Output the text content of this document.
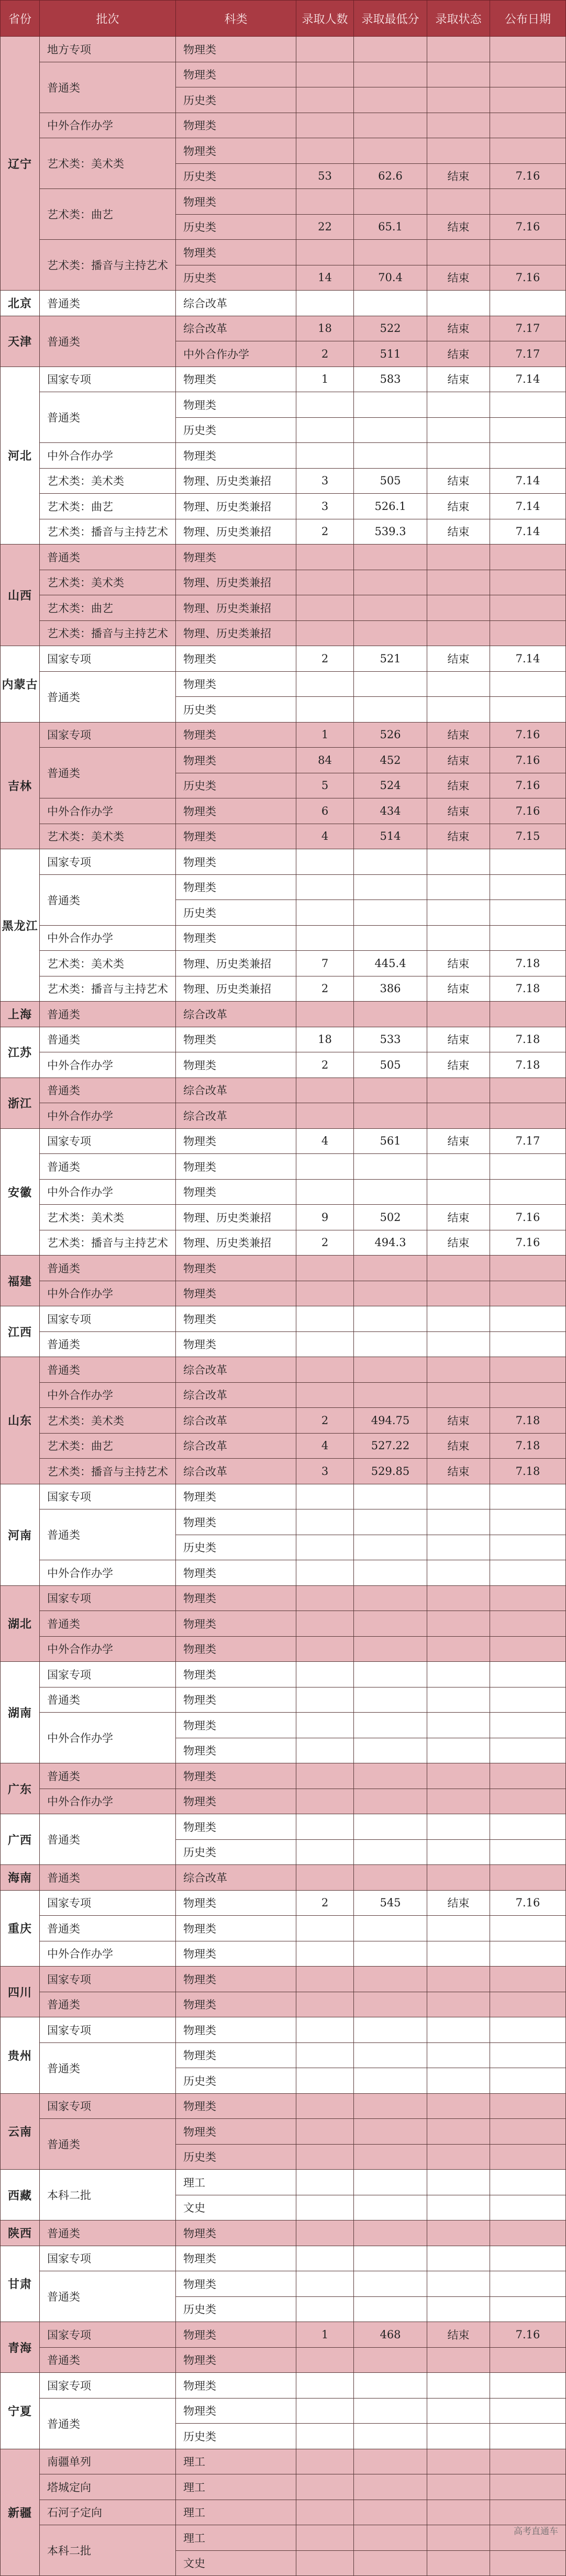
省份	批次	科类	录取人数	录取最低分	录取状态	公布日期
辽宁	地方专项	物理类				
	普通类	物理类				
		历史类				
	中外合作办学	物理类				
	艺术类：美术类	物理类				
		历史类	53	62.6	结束	7.16
	艺术类：曲艺	物理类				
		历史类	22	65.1	结束	7.16
	艺术类：播音与主持艺术	物理类				
		历史类	14	70.4	结束	7.16
北京	普通类	综合改革				
天津	普通类	综合改革	18	522	结束	7.17
		中外合作办学	2	511	结束	7.17
河北	国家专项	物理类	1	583	结束	7.14
	普通类	物理类				
		历史类				
	中外合作办学	物理类				
	艺术类：美术类	物理、历史类兼招	3	505	结束	7.14
	艺术类：曲艺	物理、历史类兼招	3	526.1	结束	7.14
	艺术类：播音与主持艺术	物理、历史类兼招	2	539.3	结束	7.14
山西	普通类	物理类				
	艺术类：美术类	物理、历史类兼招				
	艺术类：曲艺	物理、历史类兼招				
	艺术类：播音与主持艺术	物理、历史类兼招				
内蒙古	国家专项	物理类	2	521	结束	7.14
	普通类	物理类				
		历史类				
吉林	国家专项	物理类	1	526	结束	7.16
	普通类	物理类	84	452	结束	7.16
		历史类	5	524	结束	7.16
	中外合作办学	物理类	6	434	结束	7.16
	艺术类：美术类	物理类	4	514	结束	7.15
黑龙江	国家专项	物理类				
	普通类	物理类				
		历史类				
	中外合作办学	物理类				
	艺术类：美术类	物理、历史类兼招	7	445.4	结束	7.18
	艺术类：播音与主持艺术	物理、历史类兼招	2	386	结束	7.18
上海	普通类	综合改革				
江苏	普通类	物理类	18	533	结束	7.18
	中外合作办学	物理类	2	505	结束	7.18
浙江	普通类	综合改革				
	中外合作办学	综合改革				
安徽	国家专项	物理类	4	561	结束	7.17
	普通类	物理类				
	中外合作办学	物理类				
	艺术类：美术类	物理、历史类兼招	9	502	结束	7.16
	艺术类：播音与主持艺术	物理、历史类兼招	2	494.3	结束	7.16
福建	普通类	物理类				
	中外合作办学	物理类				
江西	国家专项	物理类				
	普通类	物理类				
山东	普通类	综合改革				
	中外合作办学	综合改革				
	艺术类：美术类	综合改革	2	494.75	结束	7.18
	艺术类：曲艺	综合改革	4	527.22	结束	7.18
	艺术类：播音与主持艺术	综合改革	3	529.85	结束	7.18
河南	国家专项	物理类				
	普通类	物理类				
		历史类				
	中外合作办学	物理类				
湖北	国家专项	物理类				
	普通类	物理类				
	中外合作办学	物理类				
湖南	国家专项	物理类				
	普通类	物理类				
	中外合作办学	物理类				
		物理类				
广东	普通类	物理类				
	中外合作办学	物理类				
广西	普通类	物理类				
		历史类				
海南	普通类	综合改革				
重庆	国家专项	物理类	2	545	结束	7.16
	普通类	物理类				
	中外合作办学	物理类				
四川	国家专项	物理类				
	普通类	物理类				
贵州	国家专项	物理类				
	普通类	物理类				
		历史类				
云南	国家专项	物理类				
	普通类	物理类				
		历史类				
西藏	本科二批	理工				
		文史				
陕西	普通类	物理类				
甘肃	国家专项	物理类				
	普通类	物理类				
		历史类				
青海	国家专项	物理类	1	468	结束	7.16
	普通类	物理类				
宁夏	国家专项	物理类				
	普通类	物理类				
		历史类				
新疆	南疆单列	理工				
	塔城定向	理工				
	石河子定向	理工				
	本科二批	理工				
		文史				
高考直通车
